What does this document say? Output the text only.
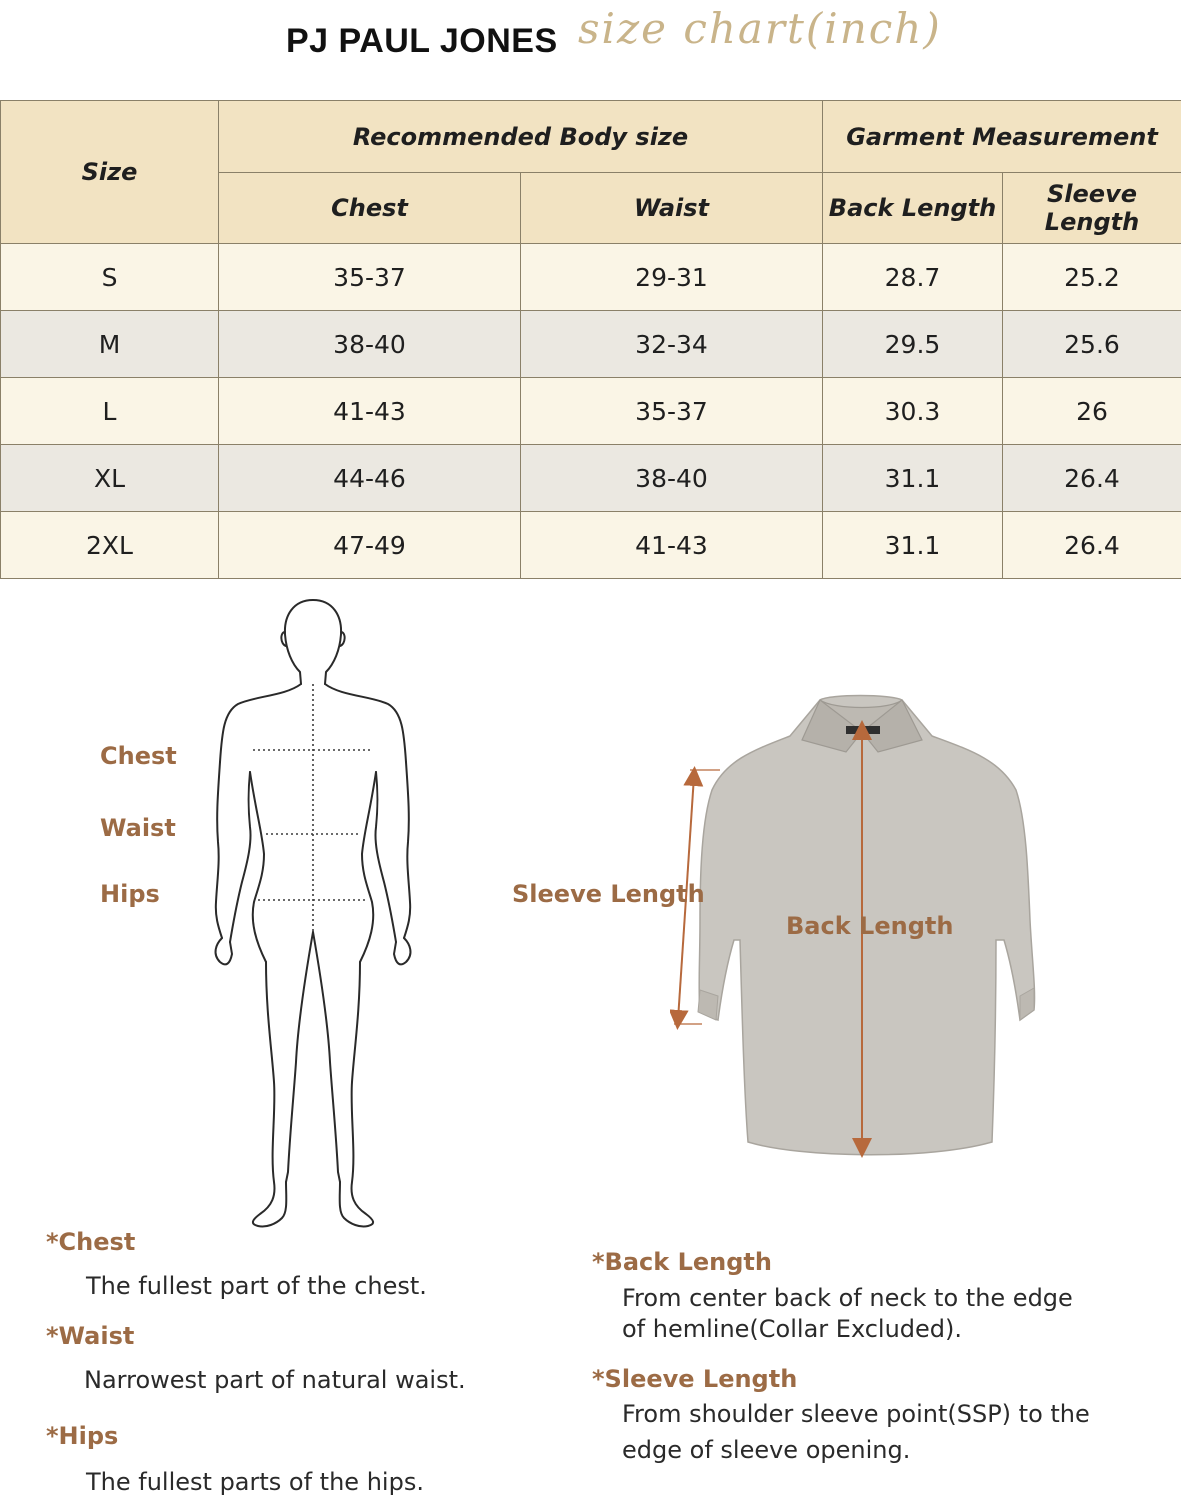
PJ PAUL JONES size chart(inch)
Size	Recommended Body size		Garment Measurement	
	Chest	Waist	Back Length	Sleeve Length
S	35-37	29-31	28.7	25.2
M	38-40	32-34	29.5	25.6
L	41-43	35-37	30.3	26
XL	44-46	38-40	31.1	26.4
2XL	47-49	41-43	31.1	26.4
Chest
Waist
Hips	Sleeve Length
Back Length
*Chest
The fullest part of the chest.
*Waist
Narrowest part of natural waist.
*Hips
The fullest parts of the hips.
*Back Length
From center back of neck to the edge
of hemline(Collar Excluded).
*Sleeve Length
From shoulder sleeve point(SSP) to the
edge of sleeve opening.
